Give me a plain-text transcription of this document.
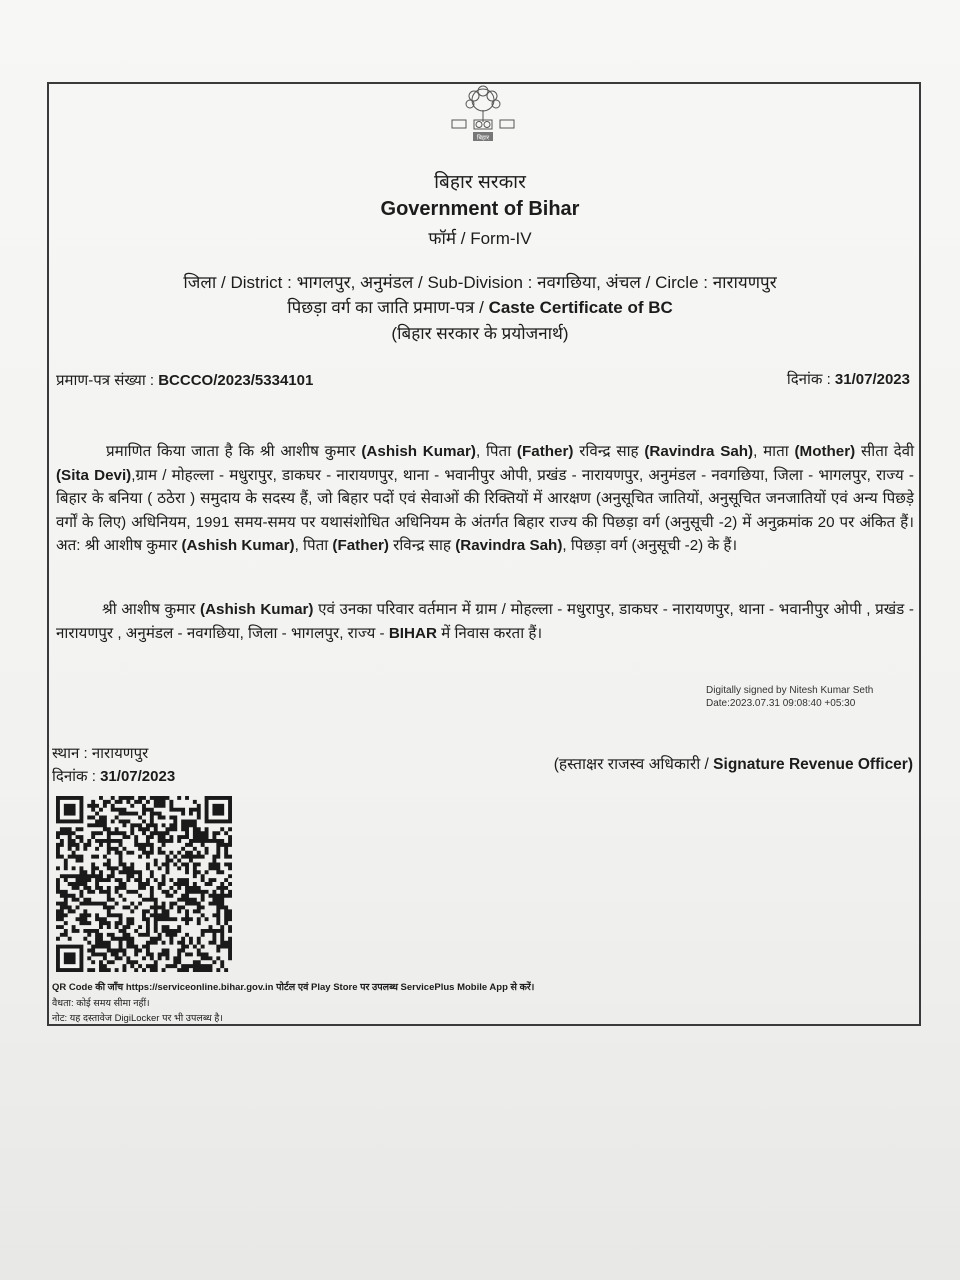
बिहार
बिहार सरकार
Government of Bihar
फॉर्म / Form-IV
जिला / District : भागलपुर, अनुमंडल / Sub-Division : नवगछिया, अंचल / Circle : नारायणपुर
पिछड़ा वर्ग का जाति प्रमाण-पत्र / Caste Certificate of BC
(बिहार सरकार के प्रयोजनार्थ)
प्रमाण-पत्र संख्या : BCCCO/2023/5334101	दिनांक : 31/07/2023

प्रमाणित किया जाता है कि श्री आशीष कुमार (Ashish Kumar), पिता (Father) रविन्द्र साह (Ravindra Sah), माता (Mother) सीता देवी (Sita Devi),ग्राम / मोहल्ला - मधुरापुर, डाकघर - नारायणपुर, थाना - भवानीपुर ओपी, प्रखंड - नारायणपुर, अनुमंडल - नवगछिया, जिला - भागलपुर, राज्य - बिहार के बनिया ( ठठेरा ) समुदाय के सदस्य हैं, जो बिहार पदों एवं सेवाओं की रिक्तियों में आरक्षण (अनुसूचित जातियों, अनुसूचित जनजातियों एवं अन्य पिछड़े वर्गों के लिए) अधिनियम, 1991 समय-समय पर यथासंशोधित अधिनियम के अंतर्गत बिहार राज्य की पिछड़ा वर्ग (अनुसूची -2) में अनुक्रमांक 20 पर अंकित हैं। अत: श्री आशीष कुमार (Ashish Kumar), पिता (Father) रविन्द्र साह (Ravindra Sah), पिछड़ा वर्ग (अनुसूची -2) के हैं।

श्री आशीष कुमार (Ashish Kumar) एवं उनका परिवार वर्तमान में ग्राम / मोहल्ला - मधुरापुर, डाकघर - नारायणपुर, थाना - भवानीपुर ओपी , प्रखंड - नारायणपुर , अनुमंडल - नवगछिया, जिला - भागलपुर, राज्य - BIHAR में निवास करता हैं।

Digitally signed by Nitesh Kumar Seth
Date:2023.07.31 09:08:40 +05:30
स्थान : नारायणपुर
दिनांक : 31/07/2023
(हस्ताक्षर राजस्व अधिकारी / Signature Revenue Officer)
QR Code की जाँच https://serviceonline.bihar.gov.in पोर्टल एवं Play Store पर उपलब्ध ServicePlus Mobile App से करें।
वैधता: कोई समय सीमा नहीं।
नोट: यह दस्तावेज DigiLocker पर भी उपलब्ध है।
